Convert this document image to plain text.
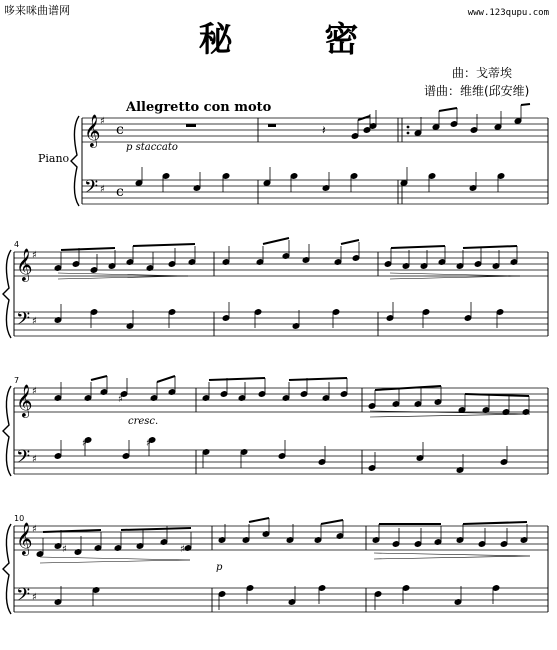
哆来咪曲谱网	www.123qupu.com
秘 密
曲：戈蒂埃
谱曲：维维(邱安维)
Allegretto con moto
Piano
p staccato
cresc.
p
4
7
10
𝄞
𝄢
♯
♯
𝄞
𝄢
♯
♯
𝄞
𝄢
♯
♯
𝄞
𝄢
♯
♯
c
c
𝄽
♯
♯	♯
♯	♯
